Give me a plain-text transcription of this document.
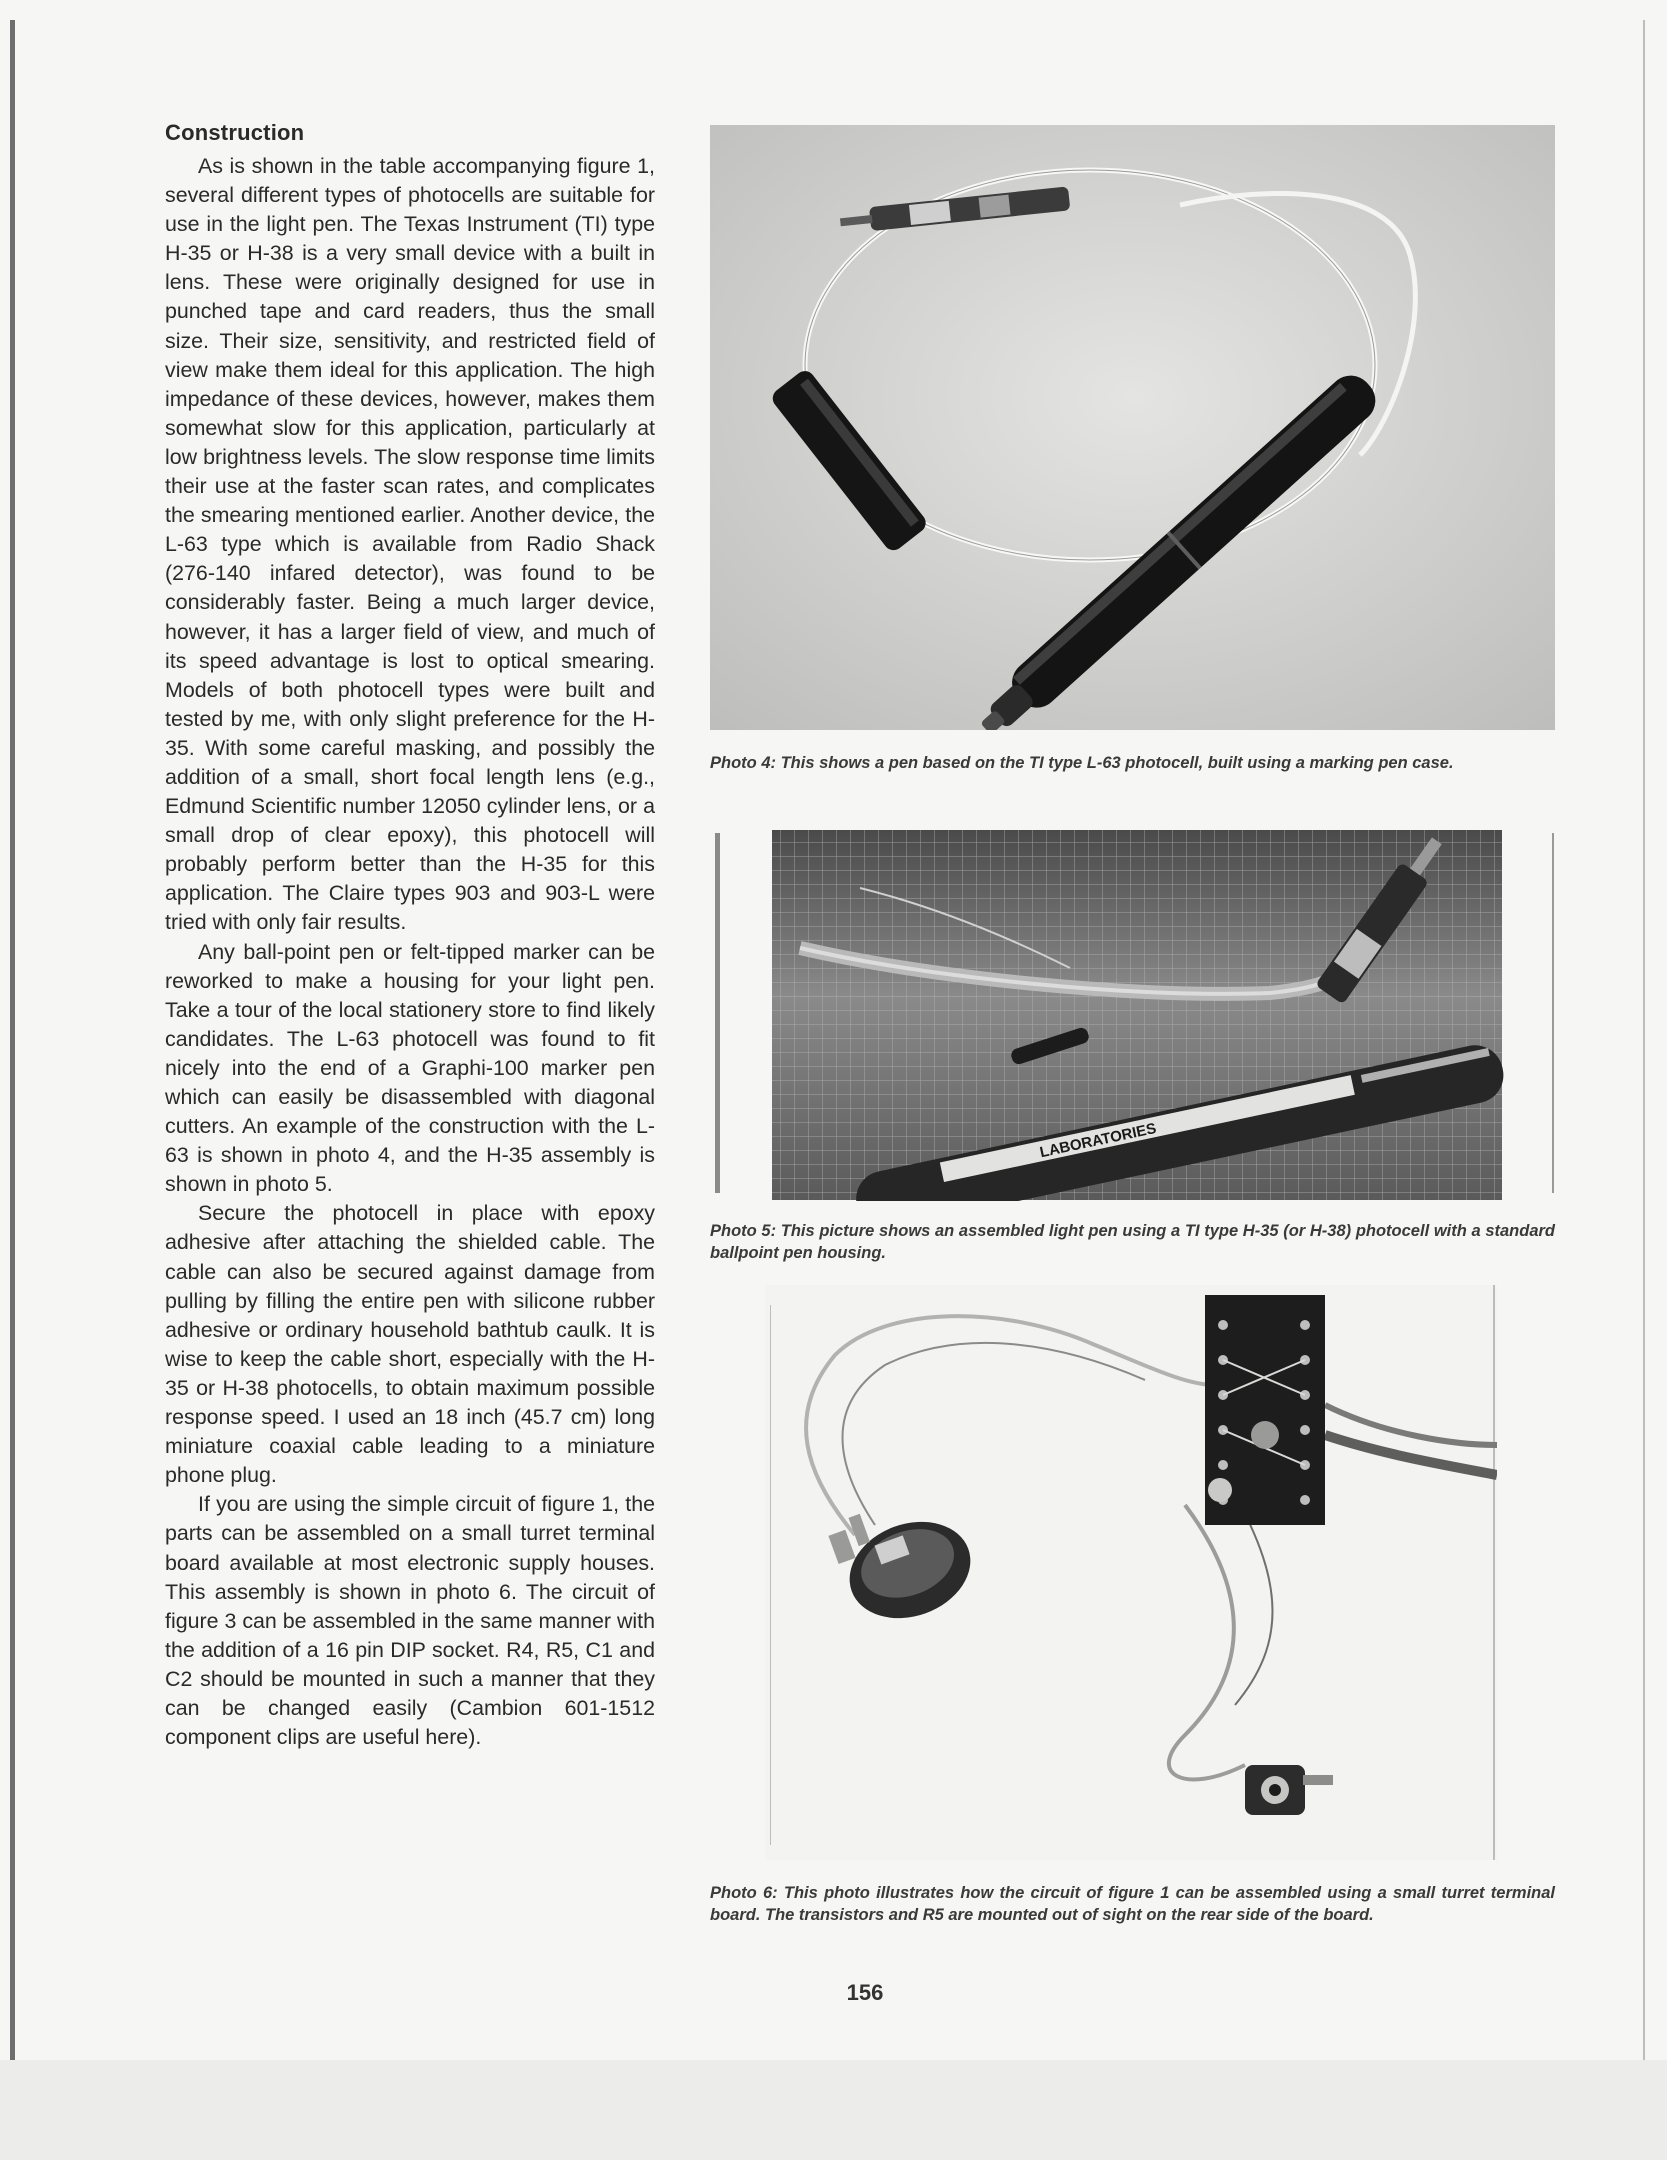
Construction

As is shown in the table accompanying figure 1, several different types of photocells are suitable for use in the light pen. The Texas Instrument (TI) type H-35 or H-38 is a very small device with a built in lens. These were originally designed for use in punched tape and card readers, thus the small size. Their size, sensitivity, and restricted field of view make them ideal for this application. The high impedance of these devices, however, makes them somewhat slow for this application, particularly at low brightness levels. The slow response time limits their use at the faster scan rates, and complicates the smearing mentioned earlier. Another device, the L-63 type which is available from Radio Shack (276-140 infared detector), was found to be considerably faster. Being a much larger device, however, it has a larger field of view, and much of its speed advantage is lost to optical smearing. Models of both photocell types were built and tested by me, with only slight preference for the H-35. With some careful masking, and possibly the addition of a small, short focal length lens (e.g., Edmund Scientific number 12050 cylinder lens, or a small drop of clear epoxy), this photocell will probably perform better than the H-35 for this application. The Claire types 903 and 903-L were tried with only fair results.

Any ball-point pen or felt-tipped marker can be reworked to make a housing for your light pen. Take a tour of the local stationery store to find likely candidates. The L-63 photocell was found to fit nicely into the end of a Graphi-100 marker pen which can easily be disassembled with diagonal cutters. An example of the construction with the L-63 is shown in photo 4, and the H-35 assembly is shown in photo 5.

Secure the photocell in place with epoxy adhesive after attaching the shielded cable. The cable can also be secured against damage from pulling by filling the entire pen with silicone rubber adhesive or ordinary household bathtub caulk. It is wise to keep the cable short, especially with the H-35 or H-38 photocells, to obtain maximum possible response speed. I used an 18 inch (45.7 cm) long miniature coaxial cable leading to a miniature phone plug.

If you are using the simple circuit of figure 1, the parts can be assembled on a small turret terminal board available at most electronic supply houses. This assembly is shown in photo 6. The circuit of figure 3 can be assembled in the same manner with the addition of a 16 pin DIP socket. R4, R5, C1 and C2 should be mounted in such a manner that they can be changed easily (Cambion 601-1512 component clips are useful here).

Photo 4: This shows a pen based on the TI type L-63 photocell, built using a marking pen case.
LABORATORIES
Photo 5: This picture shows an assembled light pen using a TI type H-35 (or H-38) photocell with a standard ballpoint pen housing.
Photo 6: This photo illustrates how the circuit of figure 1 can be assembled using a small turret terminal board. The transistors and R5 are mounted out of sight on the rear side of the board.
156
